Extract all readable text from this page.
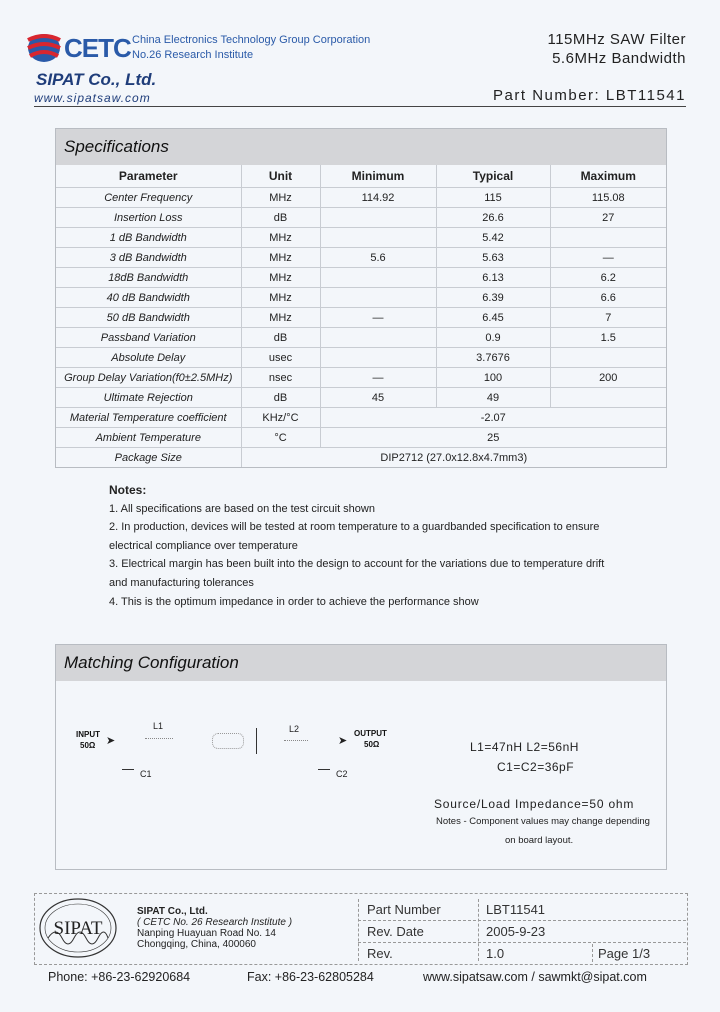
CETC China Electronics Technology Group Corporation
No.26 Research Institute
SIPAT Co., Ltd.
www.sipatsaw.com
115MHz SAW Filter
5.6MHz Bandwidth
Part Number: LBT11541
Specifications
Parameter	Unit	Minimum	Typical	Maximum
Center Frequency	MHz	114.92	115	115.08
Insertion Loss	dB		26.6	27
1 dB Bandwidth	MHz		5.42	
3 dB Bandwidth	MHz	5.6	5.63	—
18dB Bandwidth	MHz		6.13	6.2
40 dB Bandwidth	MHz		6.39	6.6
50 dB Bandwidth	MHz	—	6.45	7
Passband Variation	dB		0.9	1.5
Absolute Delay	usec		3.7676	
Group Delay Variation(f0±2.5MHz)	nsec	—	100	200
Ultimate Rejection	dB	45	49	
Material Temperature coefficient	KHz/°C	-2.07		
Ambient Temperature	°C	25		
Package Size	DIP2712 (27.0x12.8x4.7mm3)			
Notes:
1. All specifications are based on the test circuit shown
2. In production, devices will be tested at room temperature to a guardbanded specification to ensure
electrical compliance over temperature
3. Electrical margin has been built into the design to account for the variations due to temperature drift
and manufacturing tolerances
4. This is the optimum impedance in order to achieve the performance show
Matching Configuration
INPUT
50Ω ➤
L1	L2
➤
OUTPUT
50Ω
C1	C2
L1=47nH L2=56nH
C1=C2=36pF
Source/Load Impedance=50 ohm
Notes - Component values may change depending
on board layout.
SIPAT
SIPAT Co., Ltd.
( CETC No. 26 Research Institute )
Nanping Huayuan Road No. 14
Chongqing, China, 400060
Part Number	LBT11541
Rev. Date	2005-9-23
Rev.	1.0	Page 1/3
Phone: +86-23-62920684	Fax: +86-23-62805284	www.sipatsaw.com / sawmkt@sipat.com
